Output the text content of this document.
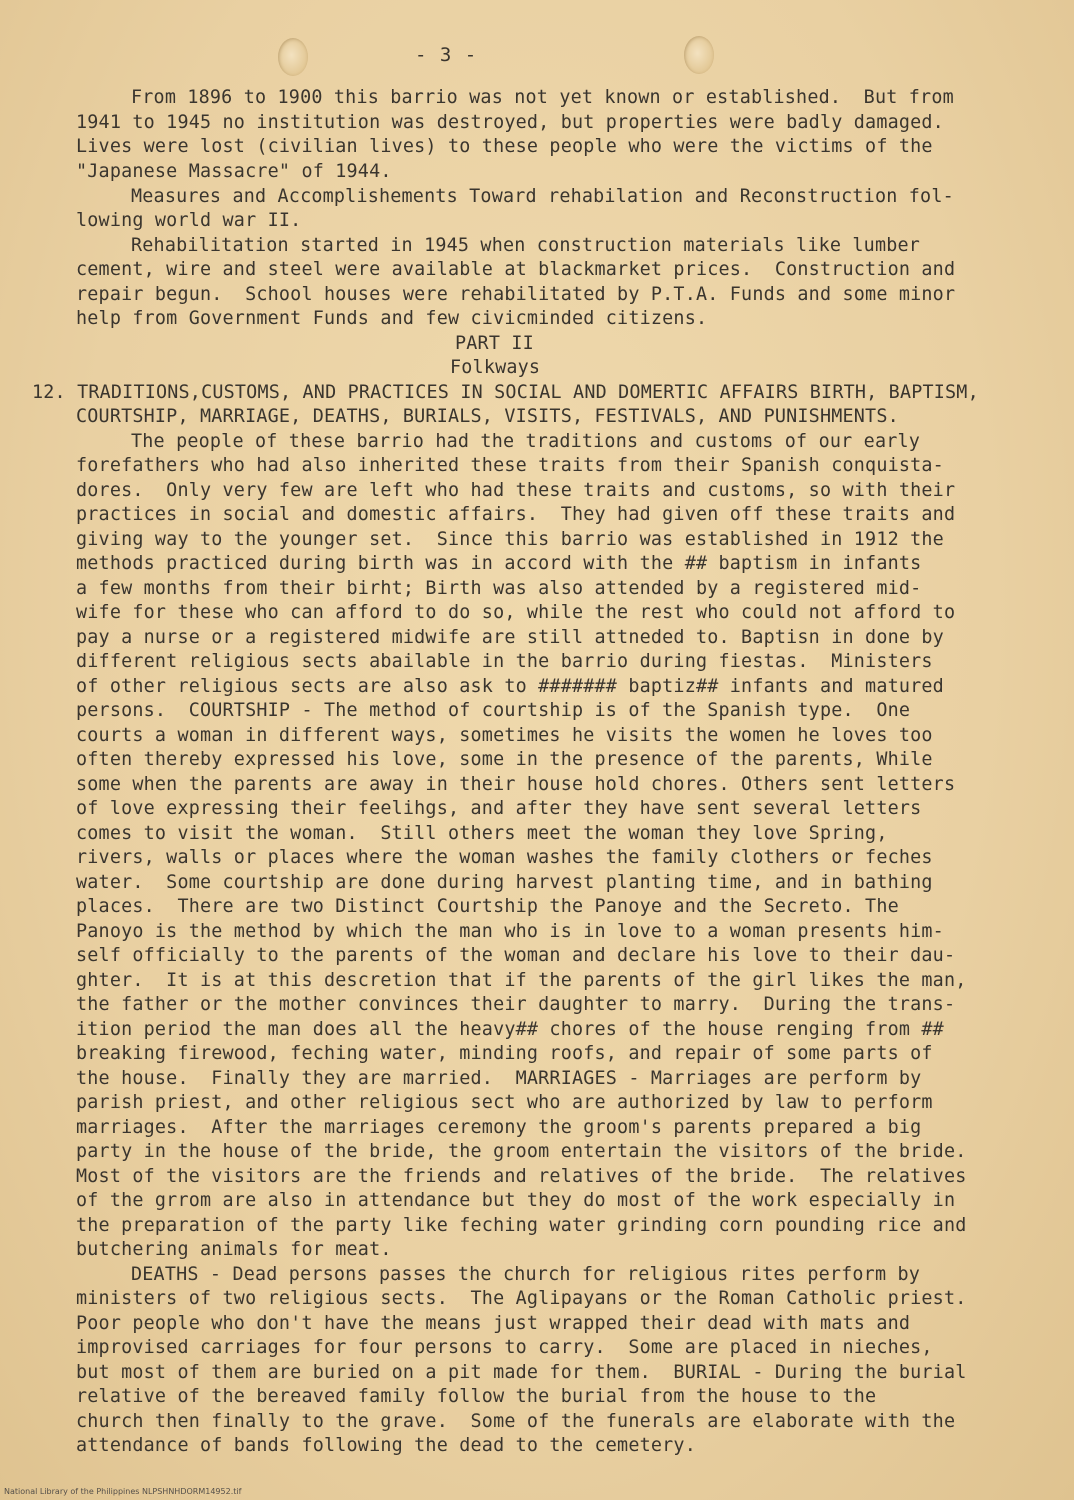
- 3 -
From 1896 to 1900 this barrio was not yet known or established.  But from
1941 to 1945 no institution was destroyed, but properties were badly damaged.
Lives were lost (civilian lives) to these people who were the victims of the
"Japanese Massacre" of 1944.
Measures and Accomplishements Toward rehabilation and Reconstruction fol-
lowing world war II.
Rehabilitation started in 1945 when construction materials like lumber
cement, wire and steel were available at blackmarket prices.  Construction and
repair begun.  School houses were rehabilitated by P.T.A. Funds and some minor
help from Government Funds and few civicminded citizens.
PART II
Folkways
12. TRADITIONS,CUSTOMS, AND PRACTICES IN SOCIAL AND DOMERTIC AFFAIRS BIRTH, BAPTISM,
COURTSHIP, MARRIAGE, DEATHS, BURIALS, VISITS, FESTIVALS, AND PUNISHMENTS.
The people of these barrio had the traditions and customs of our early
forefathers who had also inherited these traits from their Spanish conquista-
dores.  Only very few are left who had these traits and customs, so with their
practices in social and domestic affairs.  They had given off these traits and
giving way to the younger set.  Since this barrio was established in 1912 the
methods practiced during birth was in accord with the ## baptism in infants
a few months from their birht; Birth was also attended by a registered mid-
wife for these who can afford to do so, while the rest who could not afford to
pay a nurse or a registered midwife are still attneded to. Baptisn in done by
different religious sects abailable in the barrio during fiestas.  Ministers
of other religious sects are also ask to ####### baptiz## infants and matured
persons.  COURTSHIP - The method of courtship is of the Spanish type.  One
courts a woman in different ways, sometimes he visits the women he loves too
often thereby expressed his love, some in the presence of the parents, While
some when the parents are away in their house hold chores. Others sent letters
of love expressing their feelihgs, and after they have sent several letters
comes to visit the woman.  Still others meet the woman they love Spring,
rivers, walls or places where the woman washes the family clothers or feches
water.  Some courtship are done during harvest planting time, and in bathing
places.  There are two Distinct Courtship the Panoye and the Secreto. The
Panoyo is the method by which the man who is in love to a woman presents him-
self officially to the parents of the woman and declare his love to their dau-
ghter.  It is at this descretion that if the parents of the girl likes the man,
the father or the mother convinces their daughter to marry.  During the trans-
ition period the man does all the heavy## chores of the house renging from ##
breaking firewood, feching water, minding roofs, and repair of some parts of
the house.  Finally they are married.  MARRIAGES - Marriages are perform by
parish priest, and other religious sect who are authorized by law to perform
marriages.  After the marriages ceremony the groom's parents prepared a big
party in the house of the bride, the groom entertain the visitors of the bride.
Most of the visitors are the friends and relatives of the bride.  The relatives
of the grrom are also in attendance but they do most of the work especially in
the preparation of the party like feching water grinding corn pounding rice and
butchering animals for meat.
DEATHS - Dead persons passes the church for religious rites perform by
ministers of two religious sects.  The Aglipayans or the Roman Catholic priest.
Poor people who don't have the means just wrapped their dead with mats and
improvised carriages for four persons to carry.  Some are placed in nieches,
but most of them are buried on a pit made for them.  BURIAL - During the burial
relative of the bereaved family follow the burial from the house to the
church then finally to the grave.  Some of the funerals are elaborate with the
attendance of bands following the dead to the cemetery.
National Library of the Philippines NLPSHNHDORM14952.tif
